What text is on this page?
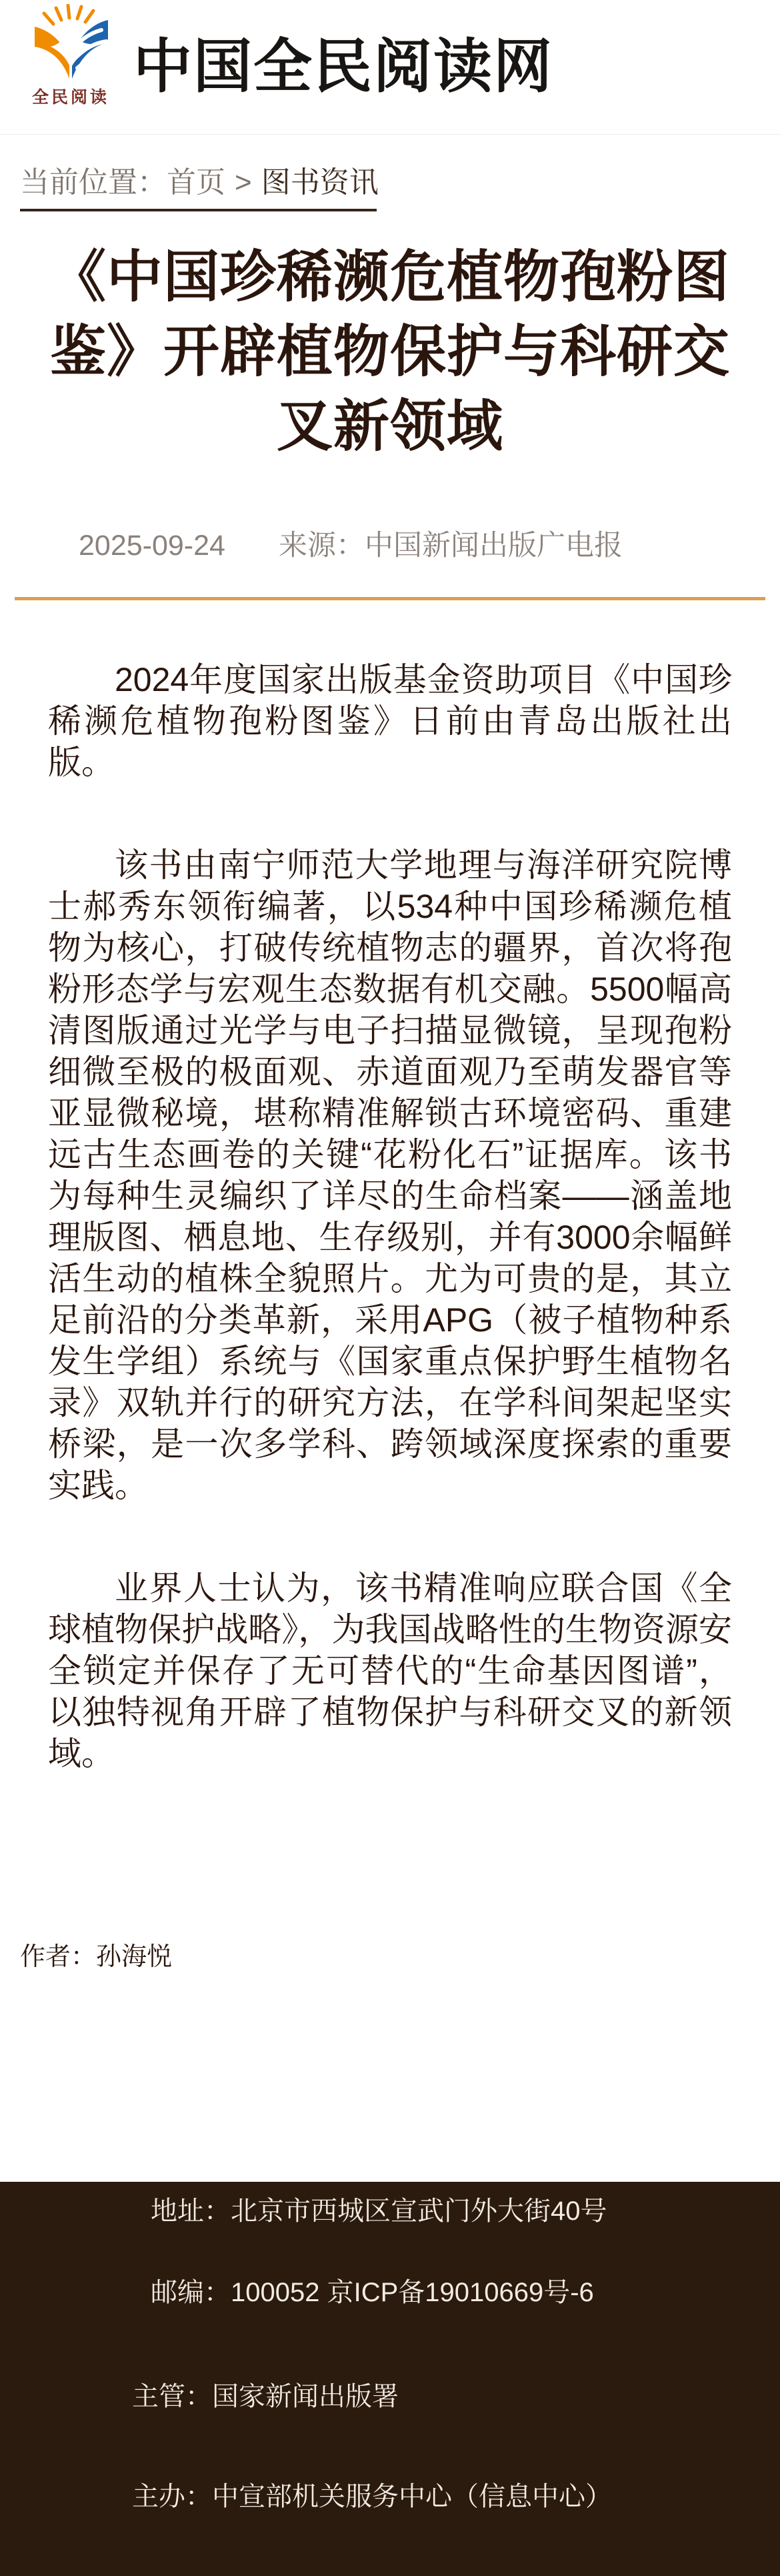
全民阅读 中国全民阅读网
当前位置：首页 > 图书资讯
《中国珍稀濒危植物孢粉图
鉴》开辟植物保护与科研交
叉新领域
2025-09-24 来源：中国新闻出版广电报

2024年度国家出版基金资助项目《中国珍稀濒危植物孢粉图鉴》日前由青岛出版社出版。

该书由南宁师范大学地理与海洋研究院博士郝秀东领衔编著，以534种中国珍稀濒危植物为核心，打破传统植物志的疆界，首次将孢粉形态学与宏观生态数据有机交融。5500幅高清图版通过光学与电子扫描显微镜，呈现孢粉细微至极的极面观、赤道面观乃至萌发器官等亚显微秘境，堪称精准解锁古环境密码、重建远古生态画卷的关键“花粉化石”证据库。该书为每种生灵编织了详尽的生命档案——涵盖地理版图、栖息地、生存级别，并有3000余幅鲜活生动的植株全貌照片。尤为可贵的是，其立足前沿的分类革新，采用APG（被子植物种系发生学组）系统与《国家重点保护野生植物名录》双轨并行的研究方法，在学科间架起坚实桥梁，是一次多学科、跨领域深度探索的重要实践。

业界人士认为，该书精准响应联合国《全球植物保护战略》，为我国战略性的生物资源安全锁定并保存了无可替代的“生命基因图谱”，以独特视角开辟了植物保护与科研交叉的新领域。

作者：孙海悦
地址：北京市西城区宣武门外大街40号
邮编：100052 京ICP备19010669号-6
主管：国家新闻出版署
主办：中宣部机关服务中心（信息中心）
